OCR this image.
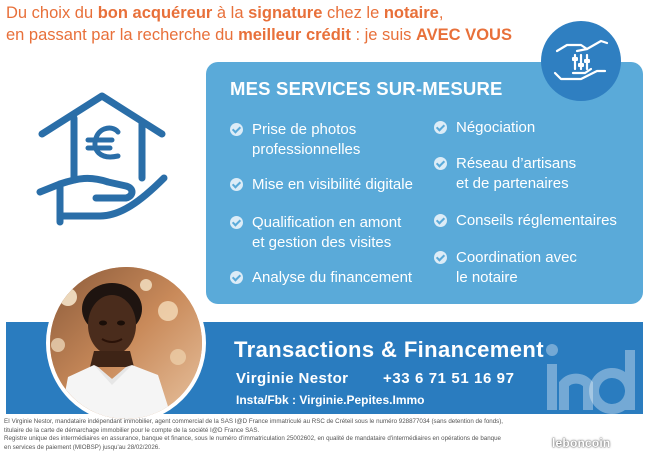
Du choix du bon acquéreur à la signature chez le notaire,
en passant par la recherche du meilleur crédit : je suis AVEC VOUS
MES SERVICES SUR-MESURE
Prise de photos
professionnelles
Mise en visibilité digitale
Qualification en amont
et gestion des visites
Analyse du financement
Négociation
Réseau d’artisans
et de partenaires
Conseils réglementaires
Coordination avec
le notaire
Transactions & Financement
Virginie Nestor +33 6 71 51 16 97
Insta/Fbk : Virginie.Pepites.Immo
EI Virginie Nestor, mandataire indépendant immobilier, agent commercial de la SAS I@D France immatriculé au RSC de Créteil sous le numéro 928877034 (sans detention de fonds),
titulaire de la carte de démarchage immobilier pour le compte de la société I@D France SAS.
Registre unique des intermédiaires en assurance, banque et finance, sous le numéro d'immatriculation 25002602, en qualité de mandataire d'intermédiaires en opérations de banque
en services de paiement (MIOBSP) jusqu'au 28/02/2026.	leboncoin
